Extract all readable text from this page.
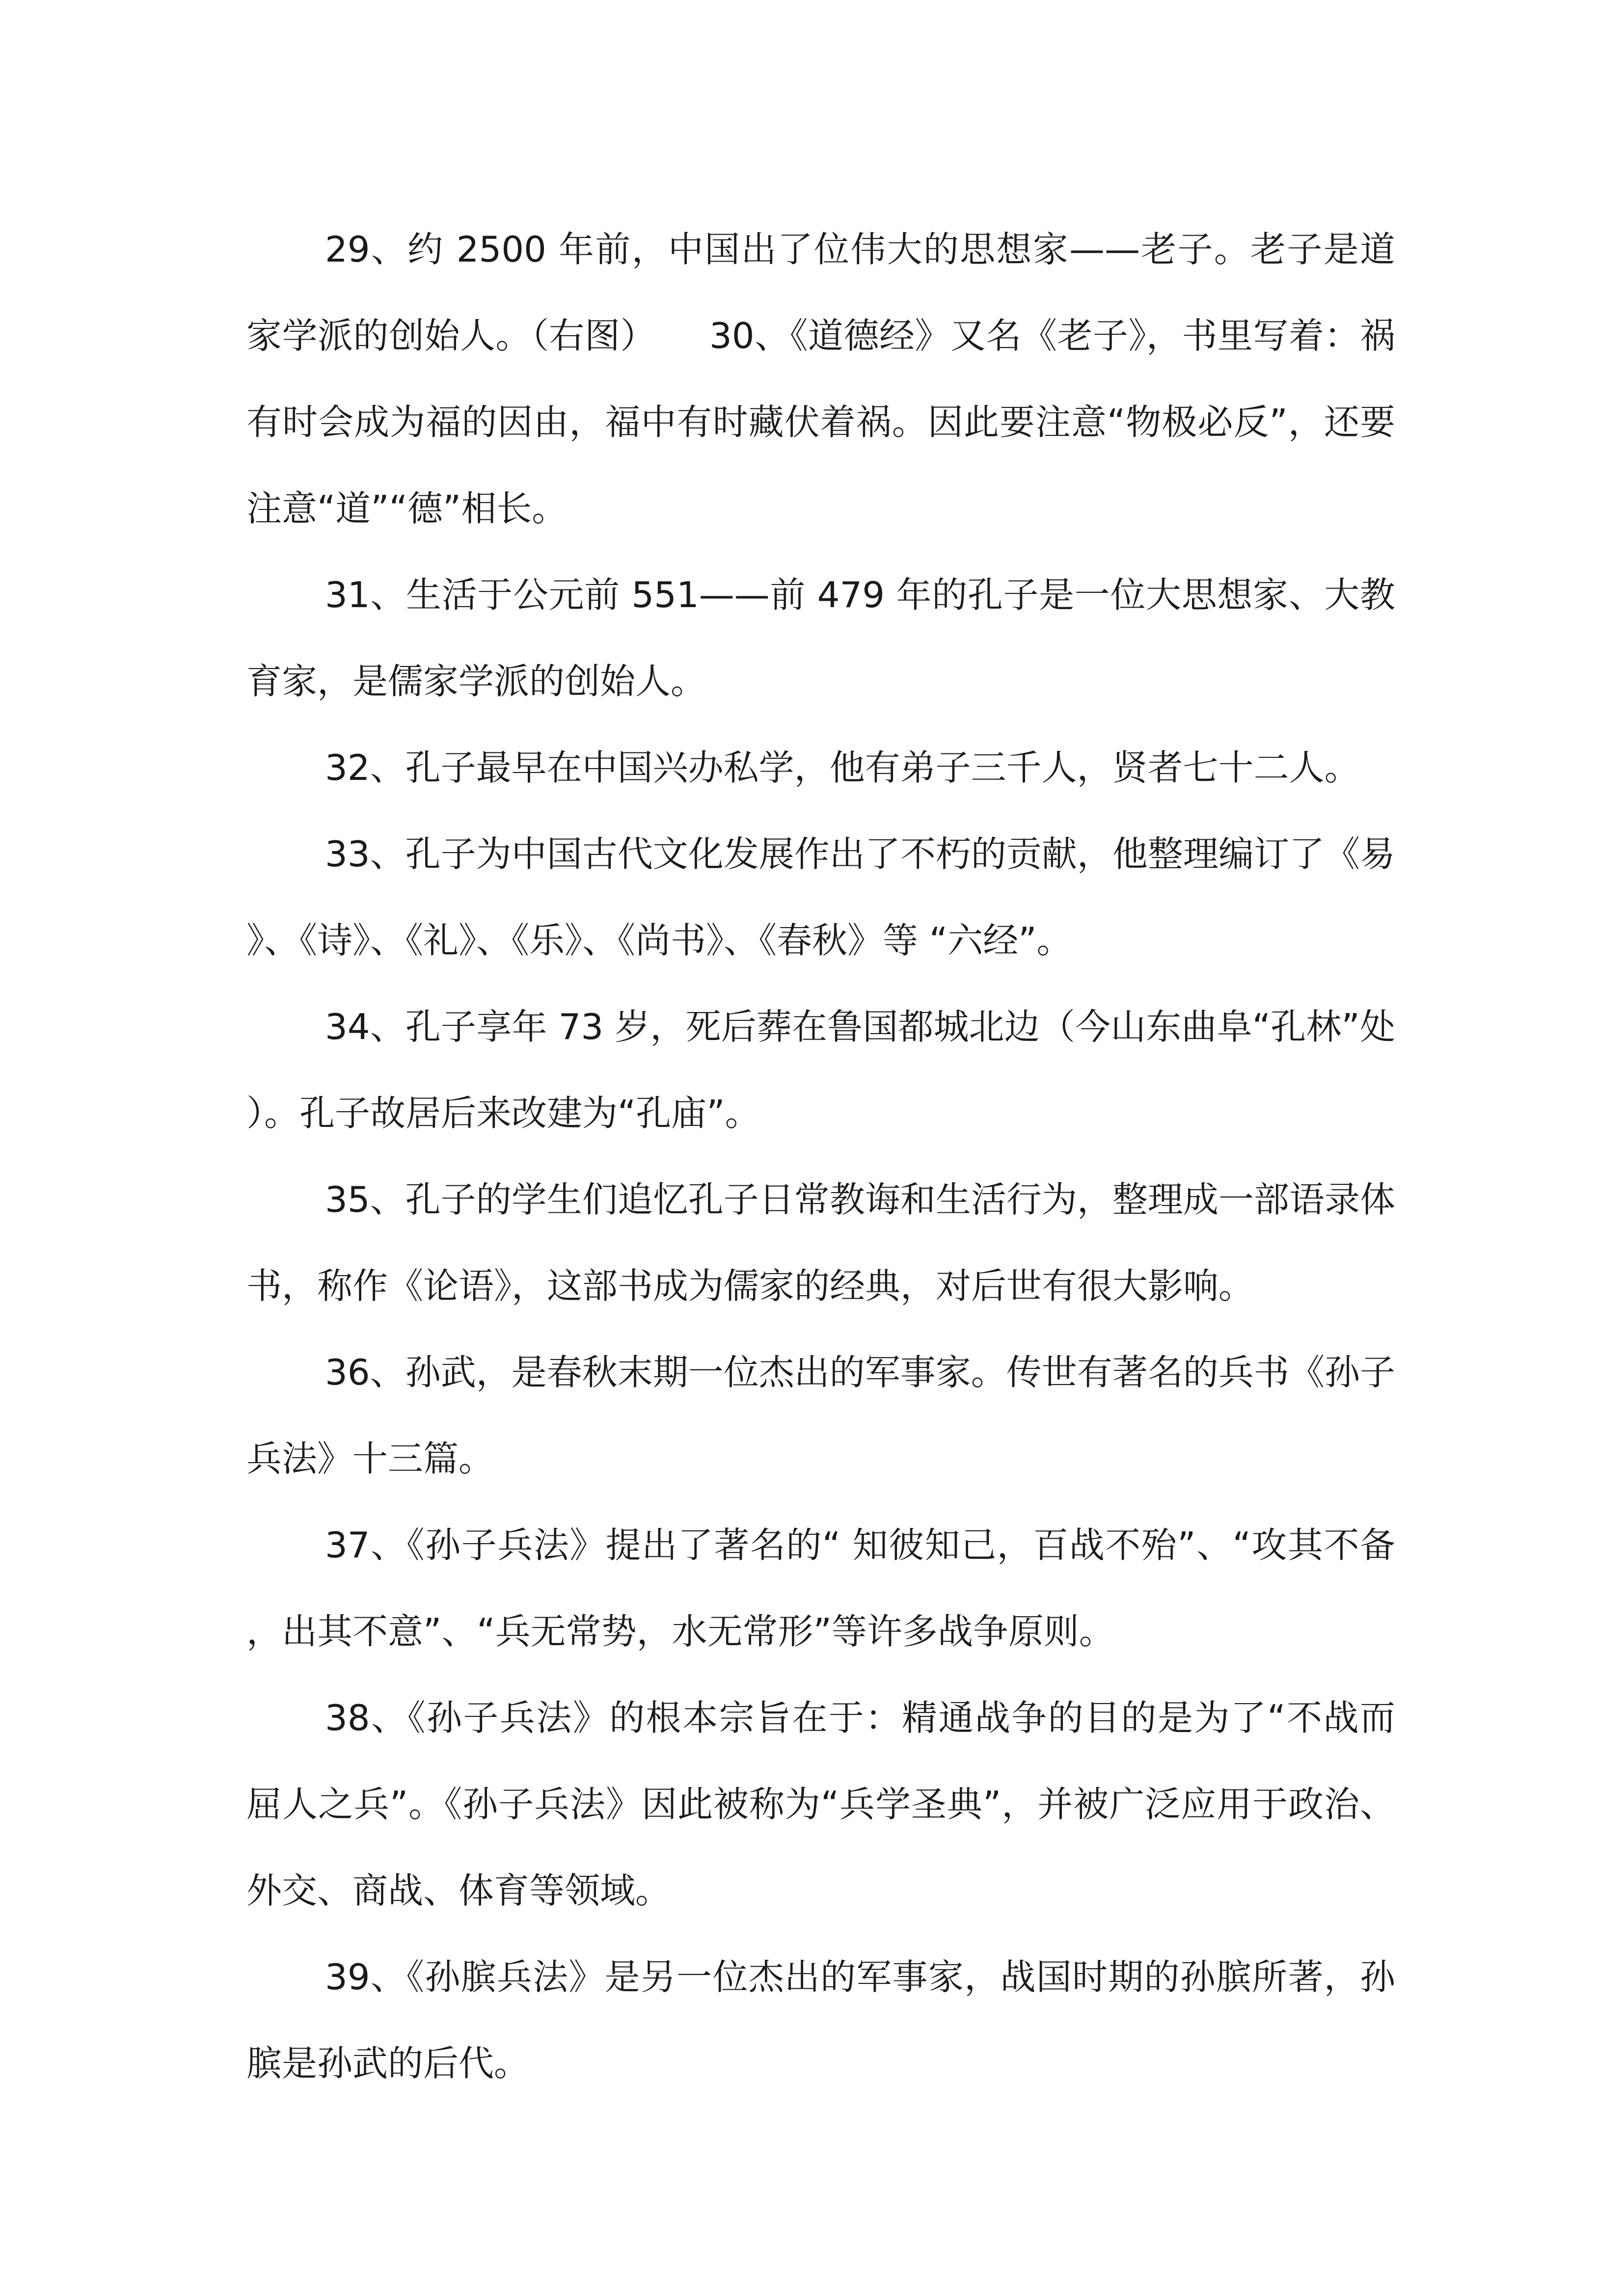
29、约 2500 年前，中国出了位伟大的思想家——老子。老子是道家学派的创始人。（右图）　　30、《道德经》又名《老子》，书里写着：祸有时会成为福的因由，福中有时藏伏着祸。因此要注意“物极必反”，还要注意“道”“德”相长。

31、生活于公元前 551——前 479 年的孔子是一位大思想家、大教育家，是儒家学派的创始人。

32、孔子最早在中国兴办私学，他有弟子三千人，贤者七十二人。

33、孔子为中国古代文化发展作出了不朽的贡献，他整理编订了《易》、《诗》、《礼》、《乐》、《尚书》、《春秋》等 “六经”。

34、孔子享年 73 岁，死后葬在鲁国都城北边（今山东曲阜“孔林”处）。孔子故居后来改建为“孔庙”。

35、孔子的学生们追忆孔子日常教诲和生活行为，整理成一部语录体书，称作《论语》，这部书成为儒家的经典，对后世有很大影响。

36、孙武，是春秋末期一位杰出的军事家。传世有著名的兵书《孙子兵法》十三篇。

37、《孙子兵法》提出了著名的“ 知彼知己，百战不殆”、“攻其不备，出其不意”、“兵无常势，水无常形”等许多战争原则。

38、《孙子兵法》的根本宗旨在于：精通战争的目的是为了“不战而屈人之兵”。《孙子兵法》因此被称为“兵学圣典”，并被广泛应用于政治、外交、商战、体育等领域。

39、《孙膑兵法》是另一位杰出的军事家，战国时期的孙膑所著，孙膑是孙武的后代。
